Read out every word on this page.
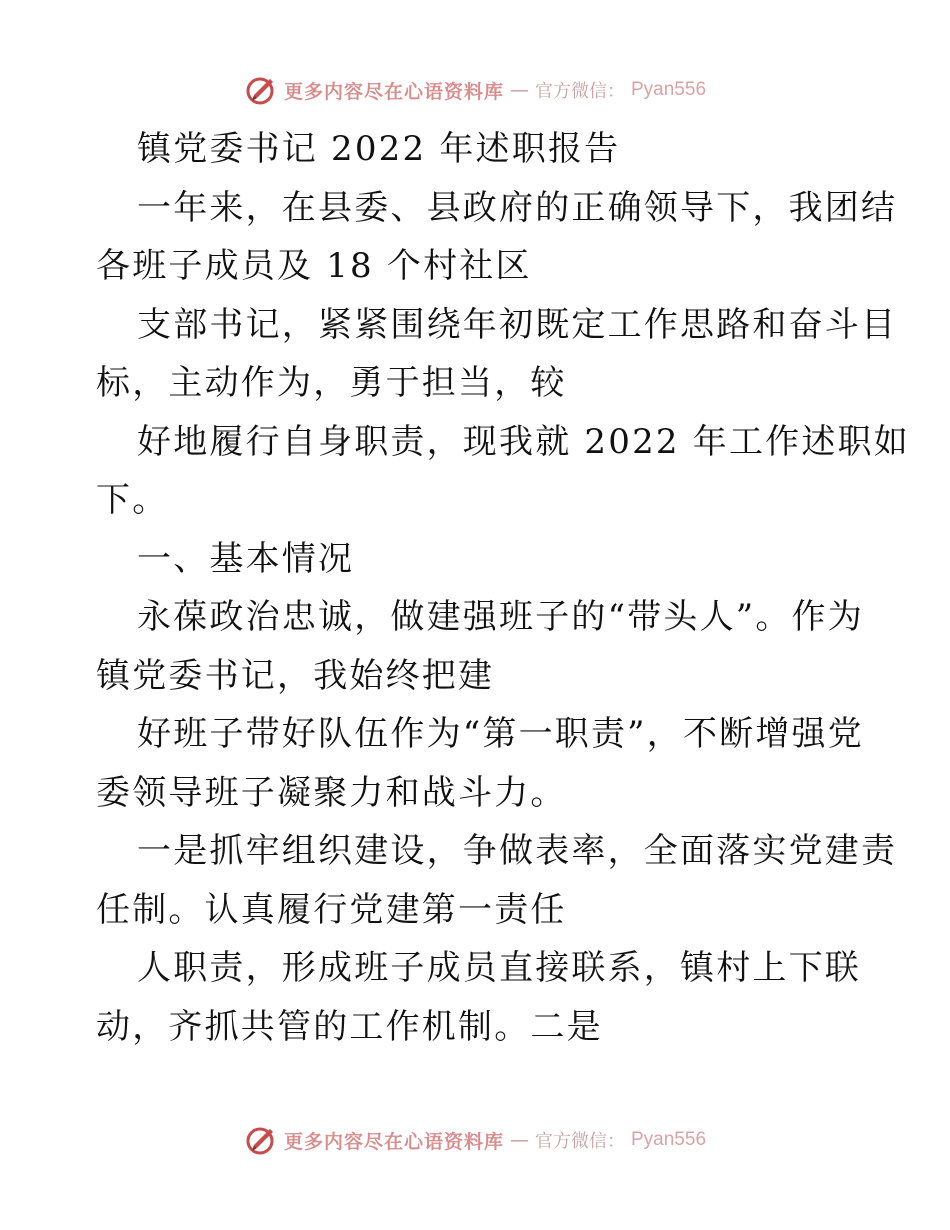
更多内容尽在心语资料库 — 官方微信： Pyan556
镇党委书记 2022 年述职报告
一年来，在县委、县政府的正确领导下，我团结
各班子成员及 18 个村社区
支部书记，紧紧围绕年初既定工作思路和奋斗目
标，主动作为，勇于担当，较
好地履行自身职责，现我就 2022 年工作述职如
下。
一、基本情况
永葆政治忠诚，做建强班子的“带头人”。作为
镇党委书记，我始终把建
好班子带好队伍作为“第一职责”，不断增强党
委领导班子凝聚力和战斗力。
一是抓牢组织建设，争做表率，全面落实党建责
任制。认真履行党建第一责任
人职责，形成班子成员直接联系，镇村上下联
动，齐抓共管的工作机制。二是
更多内容尽在心语资料库 — 官方微信： Pyan556
